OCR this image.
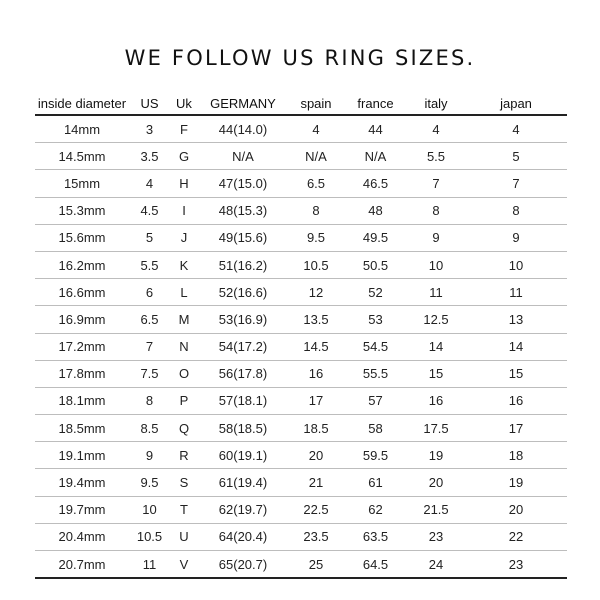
WE FOLLOW US RING SIZES.
inside diameter	US	Uk	GERMANY	spain	france	italy	japan
14mm	3	F	44(14.0)	4	44	4	4
14.5mm	3.5	G	N/A	N/A	N/A	5.5	5
15mm	4	H	47(15.0)	6.5	46.5	7	7
15.3mm	4.5	I	48(15.3)	8	48	8	8
15.6mm	5	J	49(15.6)	9.5	49.5	9	9
16.2mm	5.5	K	51(16.2)	10.5	50.5	10	10
16.6mm	6	L	52(16.6)	12	52	11	11
16.9mm	6.5	M	53(16.9)	13.5	53	12.5	13
17.2mm	7	N	54(17.2)	14.5	54.5	14	14
17.8mm	7.5	O	56(17.8)	16	55.5	15	15
18.1mm	8	P	57(18.1)	17	57	16	16
18.5mm	8.5	Q	58(18.5)	18.5	58	17.5	17
19.1mm	9	R	60(19.1)	20	59.5	19	18
19.4mm	9.5	S	61(19.4)	21	61	20	19
19.7mm	10	T	62(19.7)	22.5	62	21.5	20
20.4mm	10.5	U	64(20.4)	23.5	63.5	23	22
20.7mm	11	V	65(20.7)	25	64.5	24	23
